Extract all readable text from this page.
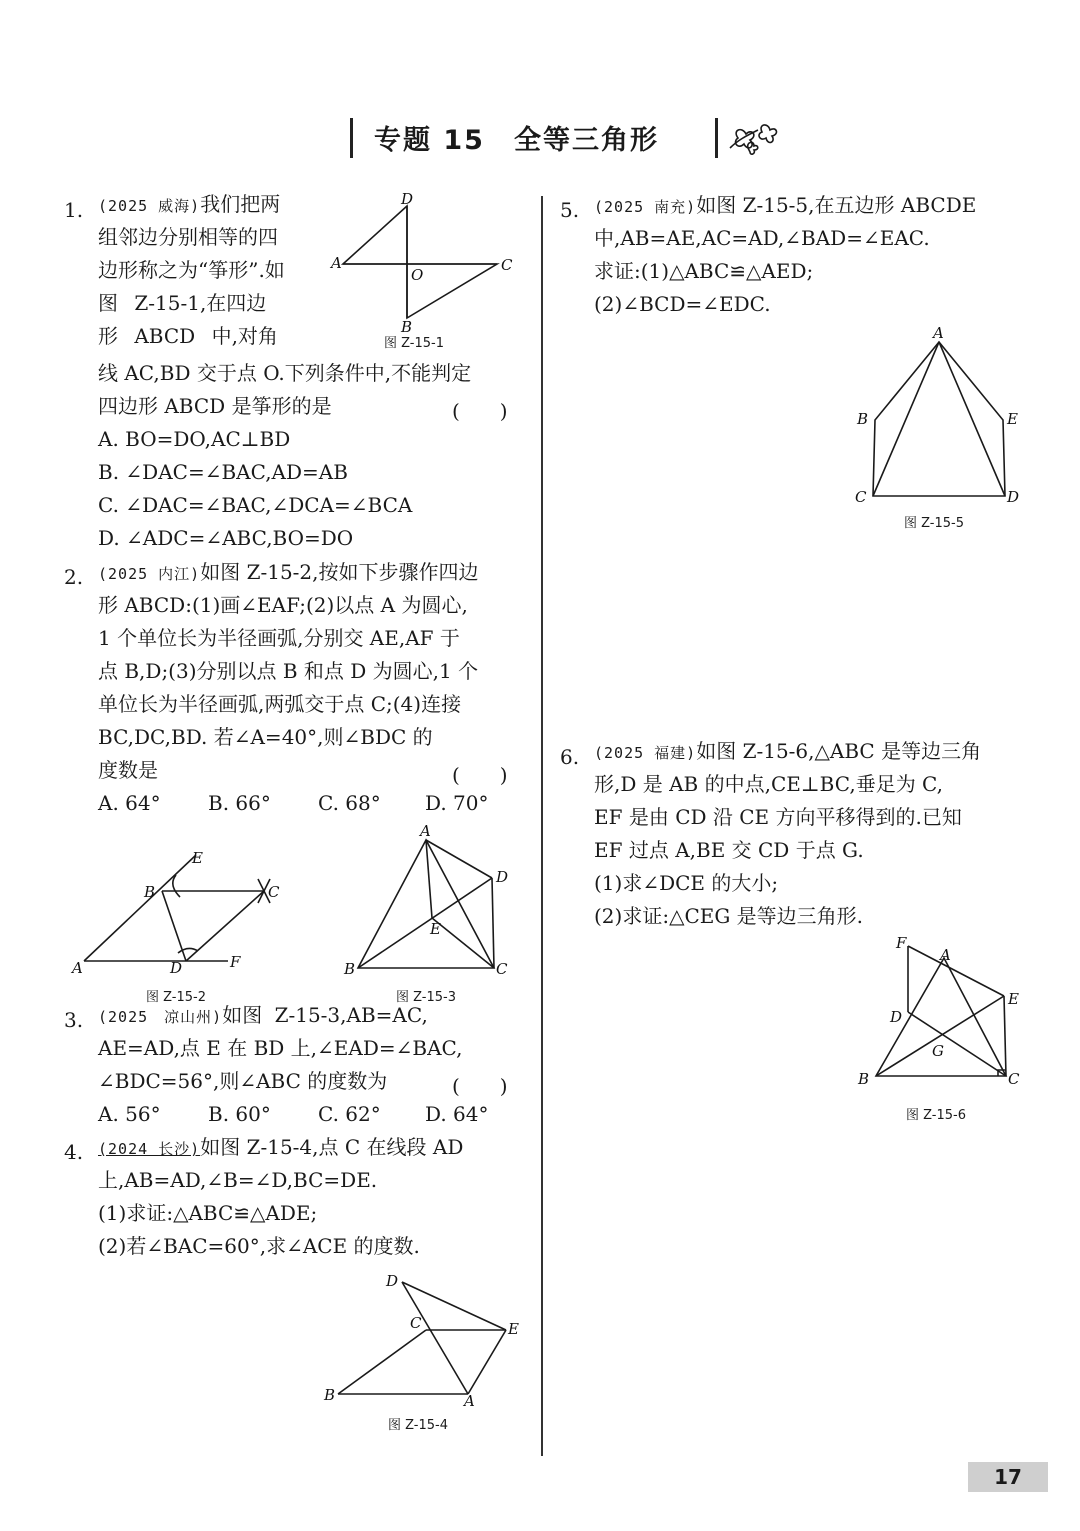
专题 15　全等三角形
1. (2025 威海)我们把两
组邻边分别相等的四
边形称之为“筝形”.如
图 Z-15-1,在四边
形 ABCD 中,对角
线 AC,BD 交于点 O.下列条件中,不能判定
四边形 ABCD 是筝形的是	(　　)
A. BO=DO,AC⊥BD
B. ∠DAC=∠BAC,AD=AB
C. ∠DAC=∠BAC,∠DCA=∠BCA
D. ∠ADC=∠ABC,BO=DO
D
A
O
C
B
图 Z-15-1
2. (2025 内江)如图 Z-15-2,按如下步骤作四边
形 ABCD:(1)画∠EAF;(2)以点 A 为圆心,
1 个单位长为半径画弧,分别交 AE,AF 于
点 B,D;(3)分别以点 B 和点 D 为圆心,1 个
单位长为半径画弧,两弧交于点 C;(4)连接
BC,DC,BD. 若∠A=40°,则∠BDC 的
度数是	(　　)
A. 64° B. 66° C. 68° D. 70°
E
B	C
A	D	F
图 Z-15-2
A
D
E
B	C
图 Z-15-3
3. (2025 凉山州)如图 Z-15-3,AB=AC,
AE=AD,点 E 在 BD 上,∠EAD=∠BAC,
∠BDC=56°,则∠ABC 的度数为	(　　)
A. 56° B. 60° C. 62° D. 64°
4. (2024 长沙)如图 Z-15-4,点 C 在线段 AD
上,AB=AD,∠B=∠D,BC=DE.
(1)求证:△ABC≌△ADE;
(2)若∠BAC=60°,求∠ACE 的度数.
D
C	E
B	A
图 Z-15-4
5. (2025 南充)如图 Z-15-5,在五边形 ABCDE
中,AB=AE,AC=AD,∠BAD=∠EAC.
求证:(1)△ABC≌△AED;
(2)∠BCD=∠EDC.
A
B	E
C	D
图 Z-15-5
6. (2025 福建)如图 Z-15-6,△ABC 是等边三角
形,D 是 AB 的中点,CE⊥BC,垂足为 C,
EF 是由 CD 沿 CE 方向平移得到的.已知
EF 过点 A,BE 交 CD 于点 G.
(1)求∠DCE 的大小;
(2)求证:△CEG 是等边三角形.
F
A
E
D
G
B	C
图 Z-15-6
17
